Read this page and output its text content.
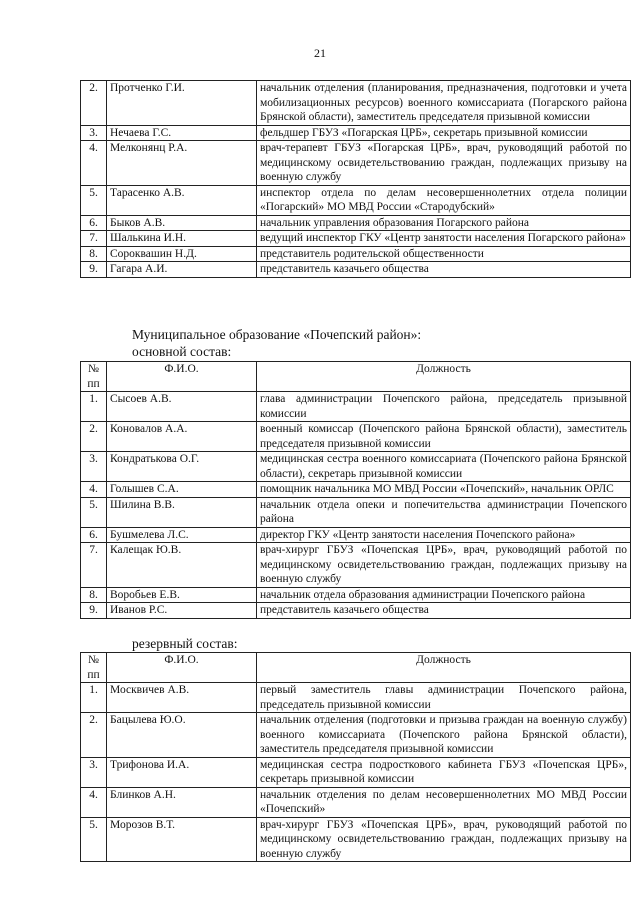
21
2.	Протченко Г.И.	начальник отделения (планирования, предназначения, подготовки и учета мобилизационных ресурсов) военного комиссариата (Погарского района Брянской области), заместитель председателя призывной комиссии
3.	Нечаева Г.С.	фельдшер ГБУЗ «Погарская ЦРБ», секретарь призывной комиссии
4.	Мелконянц Р.А.	врач-терапевт ГБУЗ «Погарская ЦРБ», врач, руководящий работой по медицинскому освидетельствованию граждан, подлежащих призыву на военную службу
5.	Тарасенко А.В.	инспектор отдела по делам несовершеннолетних отдела полиции «Погарский» МО МВД России «Стародубский»
6.	Быков А.В.	начальник управления образования Погарского района
7.	Шалькина И.Н.	ведущий инспектор ГКУ «Центр занятости населения Погарского района»
8.	Сороквашин Н.Д.	представитель родительской общественности
9.	Гагара А.И.	представитель казачьего общества
Муниципальное образование «Почепский район»:
основной состав:
№ пп	Ф.И.О.	Должность
1.	Сысоев А.В.	глава администрации Почепского района, председатель призывной комиссии
2.	Коновалов А.А.	военный комиссар (Почепского района Брянской области), заместитель председателя призывной комиссии
3.	Кондратькова О.Г.	медицинская сестра военного комиссариата (Почепского района Брянской области), секретарь призывной комиссии
4.	Голышев С.А.	помощник начальника МО МВД России «Почепский», начальник ОРЛС
5.	Шилина В.В.	начальник отдела опеки и попечительства администрации Почепского района
6.	Бушмелева Л.С.	директор ГКУ «Центр занятости населения Почепского района»
7.	Калещак Ю.В.	врач-хирург ГБУЗ «Почепская ЦРБ», врач, руководящий работой по медицинскому освидетельствованию граждан, подлежащих призыву на военную службу
8.	Воробьев Е.В.	начальник отдела образования администрации Почепского района
9.	Иванов Р.С.	представитель казачьего общества
резервный состав:
№ пп	Ф.И.О.	Должность
1.	Москвичев А.В.	первый заместитель главы администрации Почепского района, председатель призывной комиссии
2.	Бацылева Ю.О.	начальник отделения (подготовки и призыва граждан на военную службу) военного комиссариата (Почепского района Брянской области), заместитель председателя призывной комиссии
3.	Трифонова И.А.	медицинская сестра подросткового кабинета ГБУЗ «Почепская ЦРБ», секретарь призывной комиссии
4.	Блинков А.Н.	начальник отделения по делам несовершеннолетних МО МВД России «Почепский»
5.	Морозов В.Т.	врач-хирург ГБУЗ «Почепская ЦРБ», врач, руководящий работой по медицинскому освидетельствованию граждан, подлежащих призыву на военную службу
